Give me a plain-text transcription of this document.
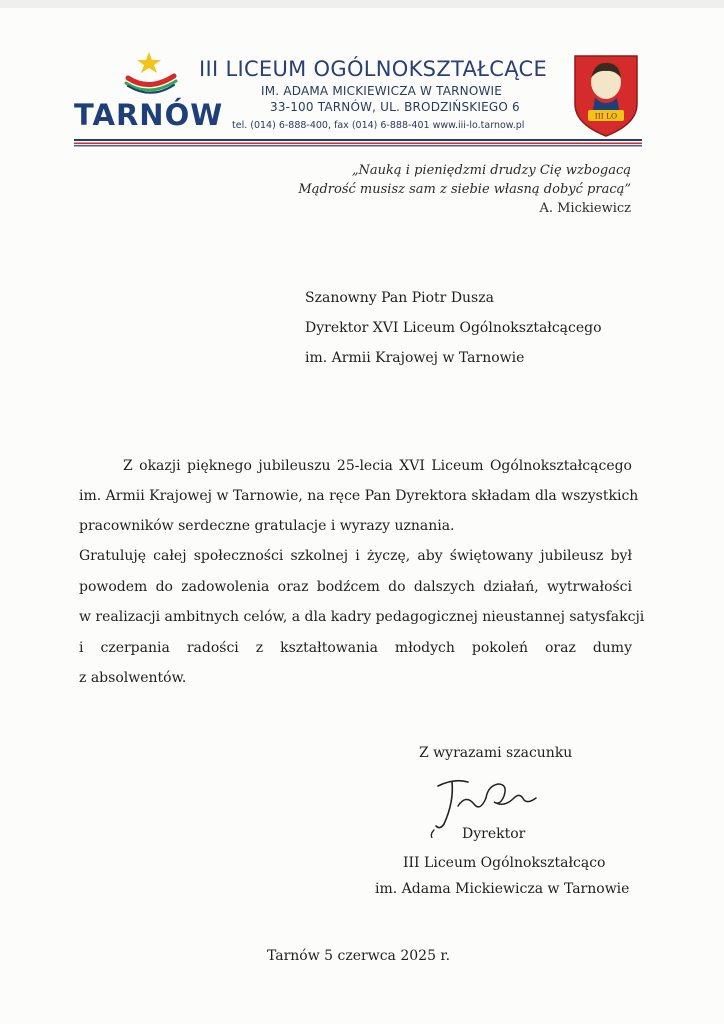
TARNÓW
III LICEUM OGÓLNOKSZTAŁCĄCE
IM. ADAMA MICKIEWICZA W TARNOWIE
33-100 TARNÓW, UL. BRODZIŃSKIEGO 6
tel. (014) 6-888-400, fax (014) 6-888-401 www.iii-lo.tarnow.pl
III LO
„Nauką i pieniędzmi drudzy Cię wzbogacą
Mądrość musisz sam z siebie własną dobyć pracą”
A. Mickiewicz
Szanowny Pan Piotr Dusza
Dyrektor XVI Liceum Ogólnokształcącego
im. Armii Krajowej w Tarnowie
Z okazji pięknego jubileuszu 25-lecia XVI Liceum Ogólnokształcącego
im. Armii Krajowej w Tarnowie, na ręce Pan Dyrektora składam dla wszystkich
pracowników serdeczne gratulacje i wyrazy uznania.
Gratuluję całej społeczności szkolnej i życzę, aby świętowany jubileusz był
powodem do zadowolenia oraz bodźcem do dalszych działań, wytrwałości
w realizacji ambitnych celów, a dla kadry pedagogicznej nieustannej satysfakcji
i czerpania radości z kształtowania młodych pokoleń oraz dumy
z absolwentów.
Z wyrazami szacunku
Dyrektor
III Liceum Ogólnokształcąco
im. Adama Mickiewicza w Tarnowie
Tarnów 5 czerwca 2025 r.
